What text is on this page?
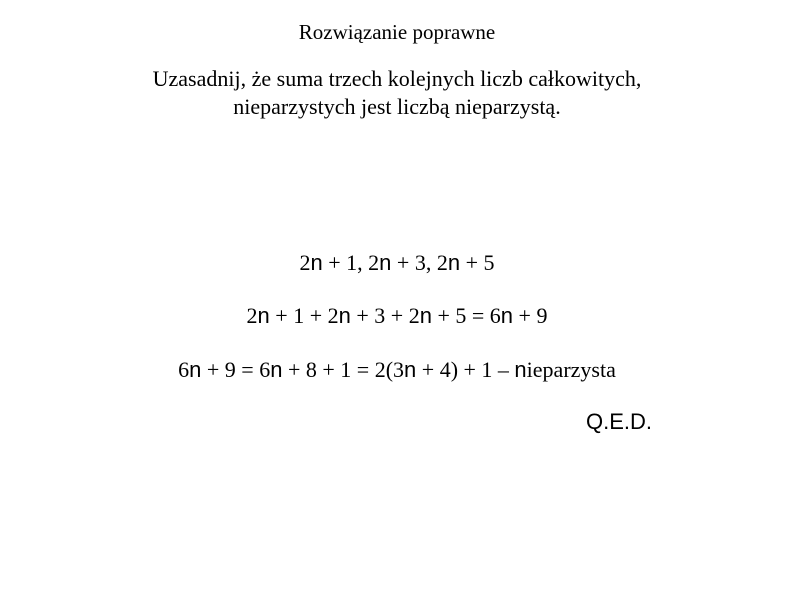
Rozwiązanie poprawne
Uzasadnij, że suma trzech kolejnych liczb całkowitych,
nieparzystych jest liczbą nieparzystą.
2n + 1, 2n + 3, 2n + 5
2n + 1 + 2n + 3 + 2n + 5 = 6n + 9
6n + 9 = 6n + 8 + 1 = 2(3n + 4) + 1 – nieparzysta
Q.E.D.
